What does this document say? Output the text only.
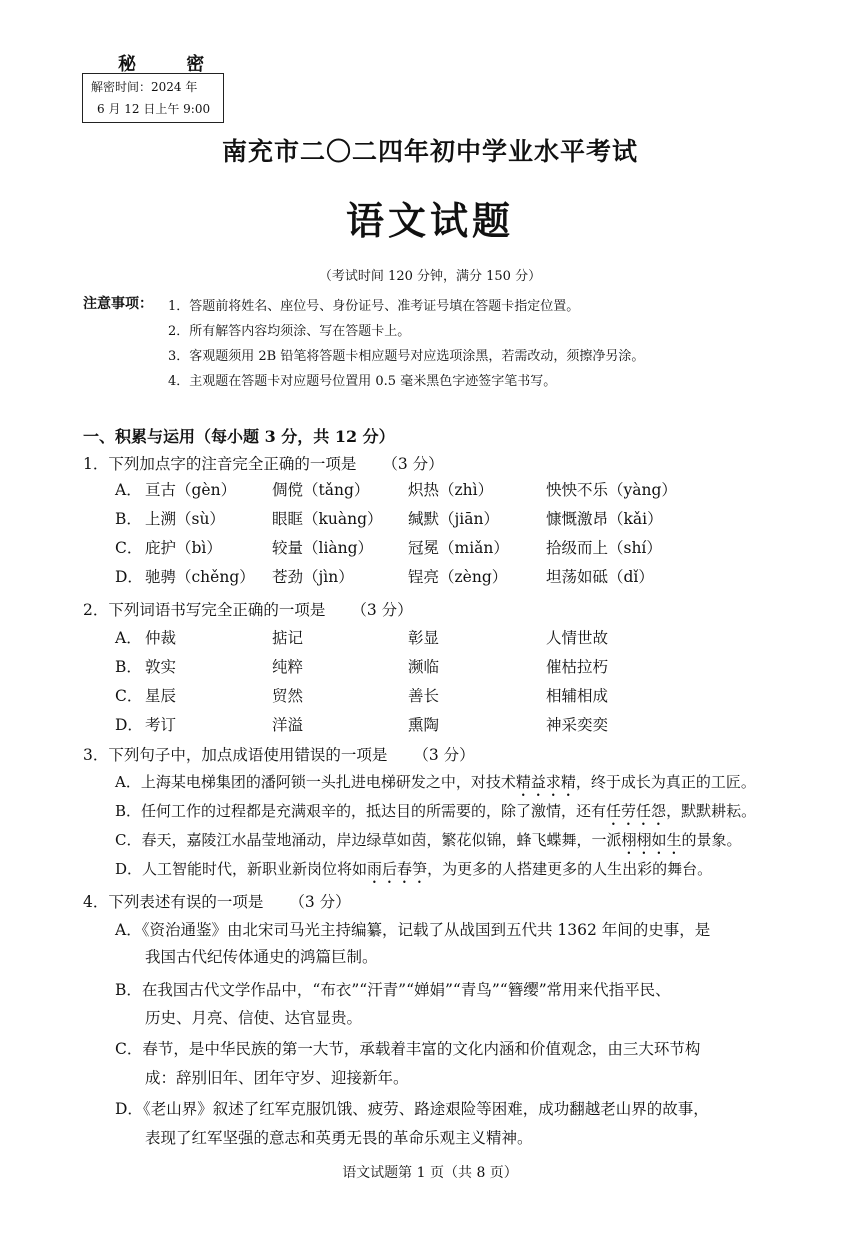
秘 密
解密时间：2024 年
6 月 12 日上午 9:00
南充市二〇二四年初中学业水平考试
语文试题
（考试时间 120 分钟，满分 150 分）
注意事项： 1．答题前将姓名、座位号、身份证号、准考证号填在答题卡指定位置。
2．所有解答内容均须涂、写在答题卡上。
3．客观题须用 2B 铅笔将答题卡相应题号对应选项涂黑，若需改动，须擦净另涂。
4．主观题在答题卡对应题号位置用 0.5 毫米黑色字迹签字笔书写。
一、积累与运用（每小题 3 分，共 12 分）
1．下列加点字的注音完全正确的一项是 （3 分）
A． 亘古（gèn） 倜傥（tǎng） 炽热（zhì）	怏怏不乐（yàng）
B． 上溯（sù）	眼眶（kuàng） 缄默（jiān）	慷慨激昂（kǎi）
C． 庇护（bì）	较量（liàng） 冠冕（miǎn） 拾级而上（shí）
D． 驰骋（chěng） 苍劲（jìn）	锃亮（zèng）	坦荡如砥（dǐ）
2．下列词语书写完全正确的一项是 （3 分）
A． 仲裁	掂记	彰显	人情世故
B． 敦实	纯粹	濒临	催枯拉朽
C． 星辰	贸然	善长	相辅相成
D． 考订	洋溢	熏陶	神采奕奕
3．下列句子中，加点成语使用错误的一项是 （3 分）
A．上海某电梯集团的潘阿锁一头扎进电梯研发之中，对技术精益求精，终于成长为真正的工匠。
B．任何工作的过程都是充满艰辛的，抵达目的所需要的，除了激情，还有任劳任怨，默默耕耘。
C．春天，嘉陵江水晶莹地涌动，岸边绿草如茵，繁花似锦，蜂飞蝶舞，一派栩栩如生的景象。
D．人工智能时代，新职业新岗位将如雨后春笋，为更多的人搭建更多的人生出彩的舞台。
4．下列表述有误的一项是 （3 分）
A．《资治通鉴》由北宋司马光主持编纂，记载了从战国到五代共 1362 年间的史事，是
我国古代纪传体通史的鸿篇巨制。
B．在我国古代文学作品中，“布衣”“汗青”“婵娟”“青鸟”“簪缨”常用来代指平民、
历史、月亮、信使、达官显贵。
C．春节，是中华民族的第一大节，承载着丰富的文化内涵和价值观念，由三大环节构
成：辞别旧年、团年守岁、迎接新年。
D．《老山界》叙述了红军克服饥饿、疲劳、路途艰险等困难，成功翻越老山界的故事，
表现了红军坚强的意志和英勇无畏的革命乐观主义精神。
语文试题第 1 页（共 8 页）
